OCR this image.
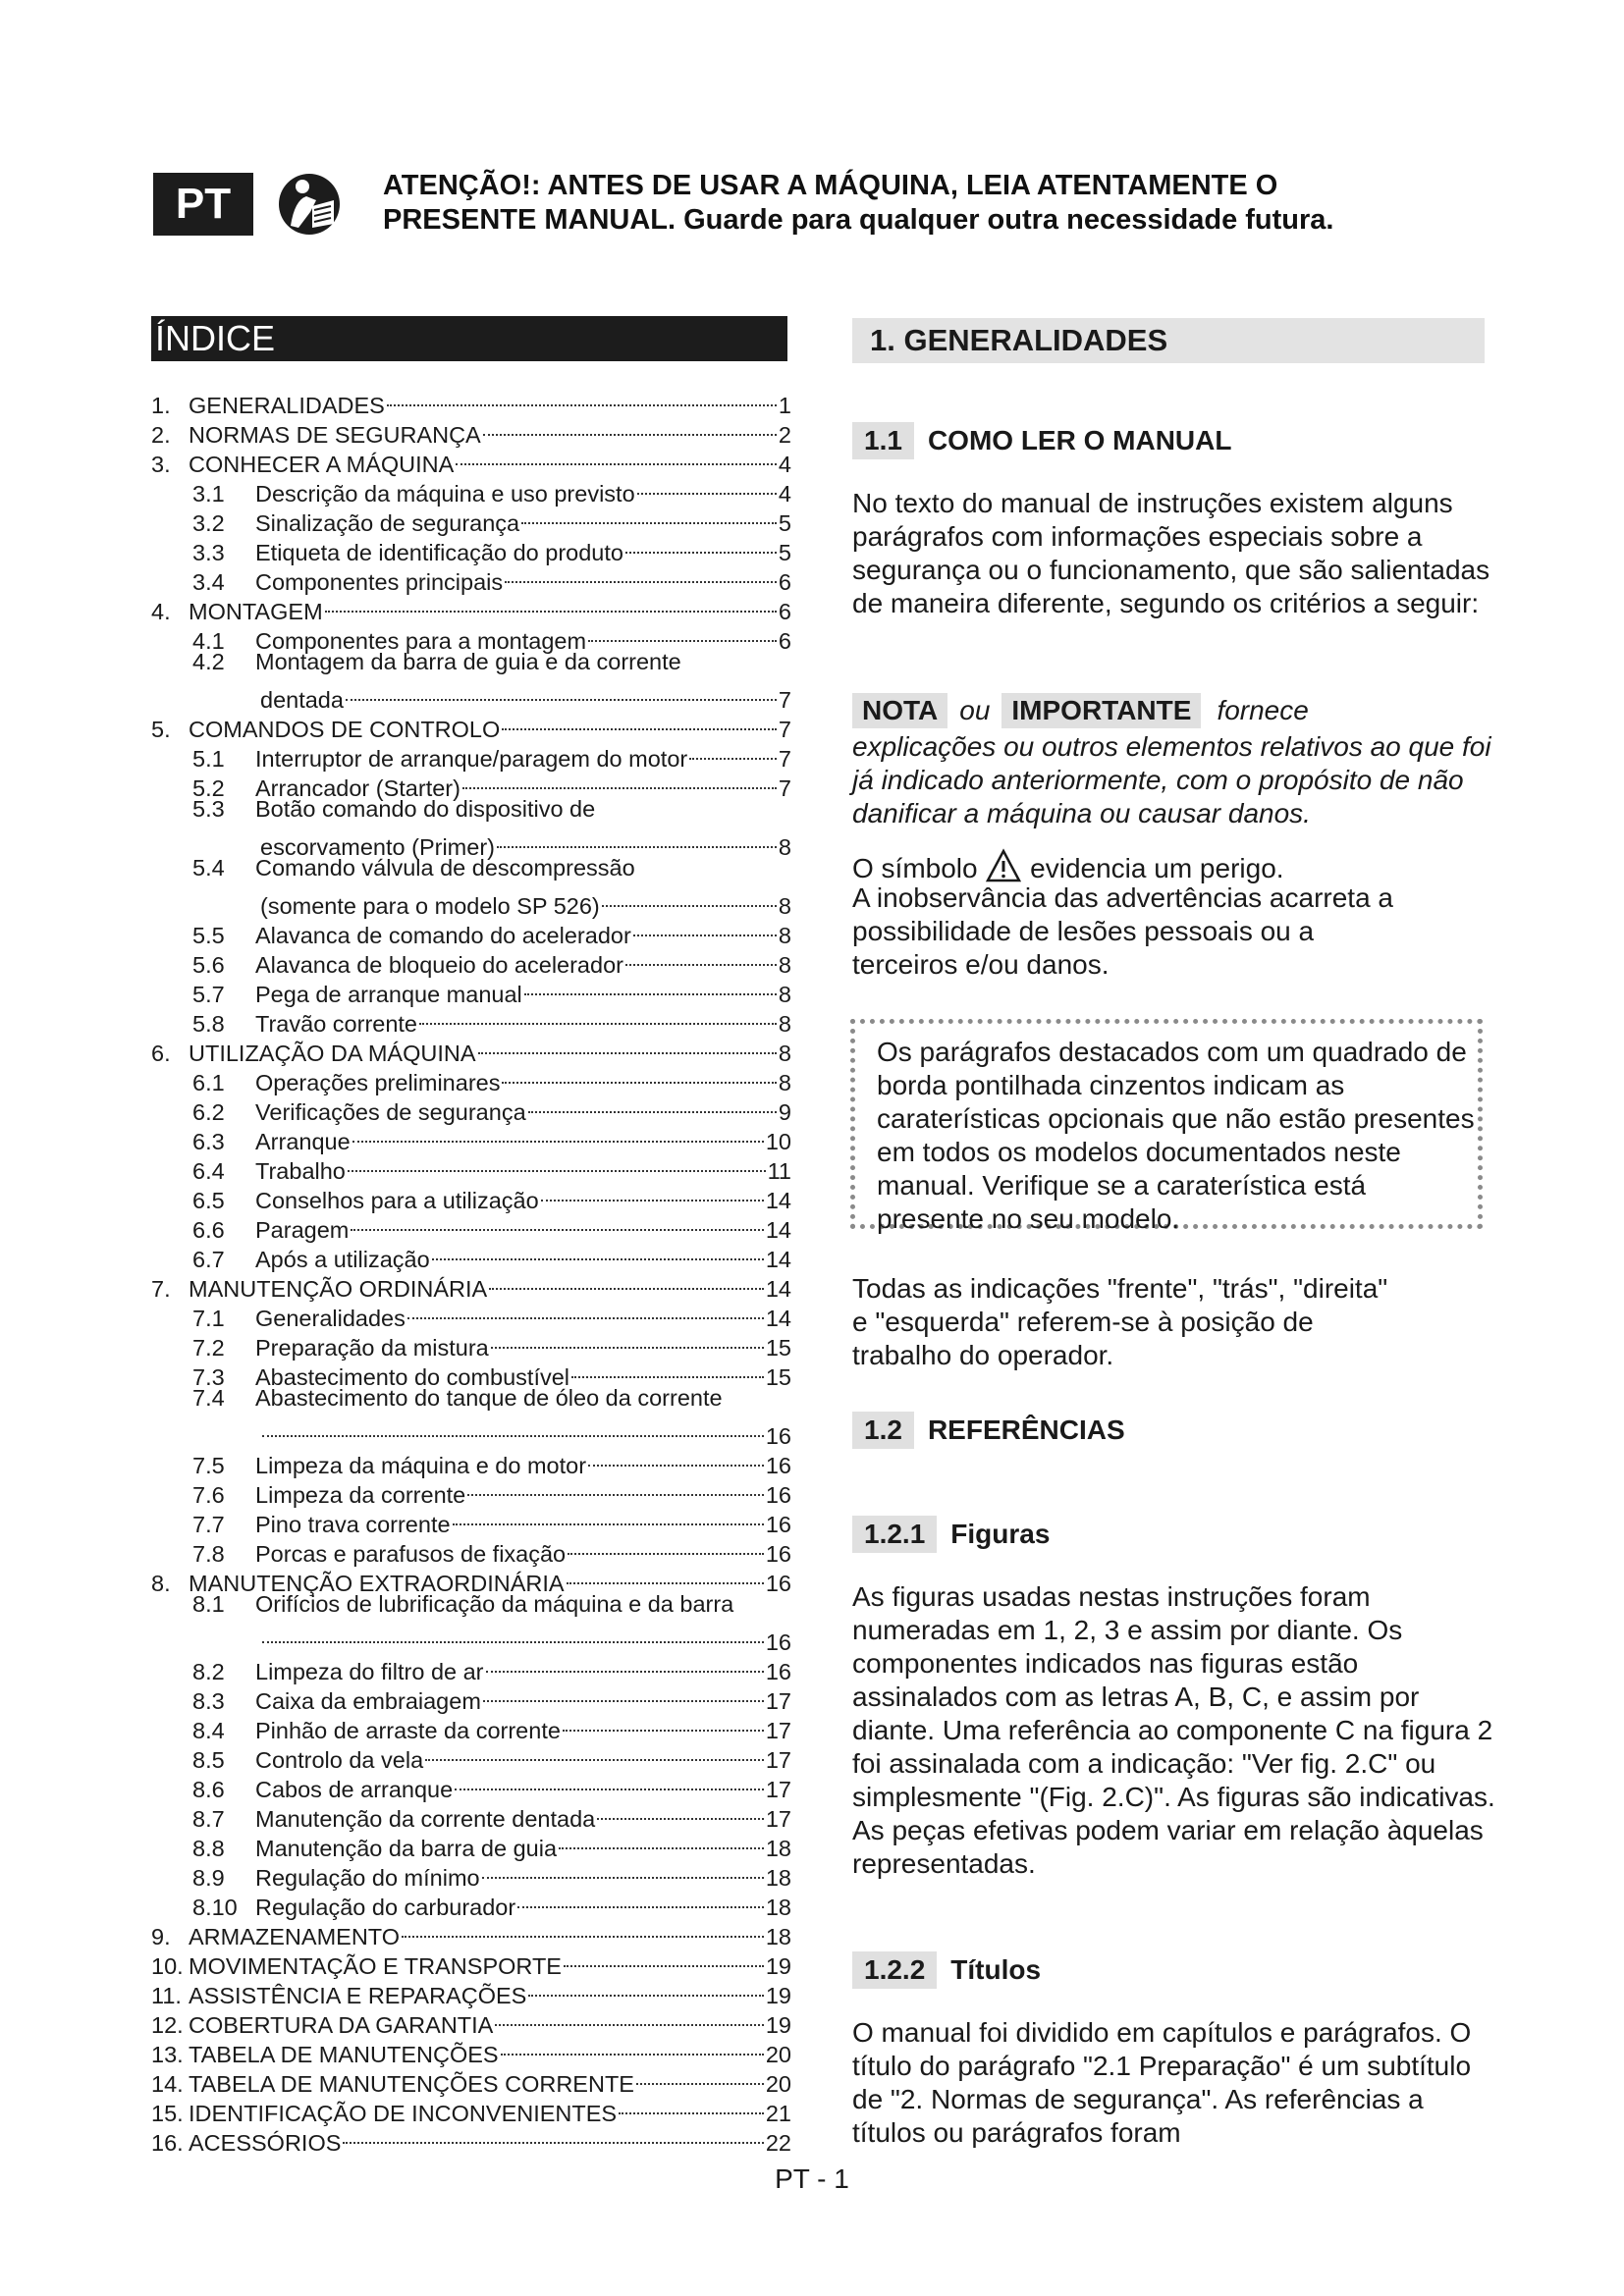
PT	ATENÇÃO!: ANTES DE USAR A MÁQUINA, LEIA ATENTAMENTE O
PRESENTE MANUAL. Guarde para qualquer outra necessidade futura.
ÍNDICE
1. GENERALIDADES	1
2. NORMAS DE SEGURANÇA	2
3. CONHECER A MÁQUINA	4
3.1	Descrição da máquina e uso previsto	4
3.2	Sinalização de segurança	5
3.3	Etiqueta de identificação do produto	5
3.4	Componentes principais	6
4. MONTAGEM	6
4.1	Componentes para a montagem	6
4.2	Montagem da barra de guia e da corrente
dentada	7
5. COMANDOS DE CONTROLO	7
5.1	Interruptor de arranque/paragem do motor	7
5.2	Arrancador (Starter)	7
5.3	Botão comando do dispositivo de
escorvamento (Primer)	8
5.4	Comando válvula de descompressão
(somente para o modelo SP 526)	8
5.5	Alavanca de comando do acelerador	8
5.6	Alavanca de bloqueio do acelerador	8
5.7	Pega de arranque manual	8
5.8	Travão corrente	8
6. UTILIZAÇÃO DA MÁQUINA	8
6.1	Operações preliminares	8
6.2	Verificações de segurança	9
6.3	Arranque	10
6.4	Trabalho	11
6.5	Conselhos para a utilização	14
6.6	Paragem	14
6.7	Após a utilização	14
7. MANUTENÇÃO ORDINÁRIA	14
7.1	Generalidades	14
7.2	Preparação da mistura	15
7.3	Abastecimento do combustível	15
7.4	Abastecimento do tanque de óleo da corrente
16
7.5	Limpeza da máquina e do motor	16
7.6	Limpeza da corrente	16
7.7	Pino trava corrente	16
7.8	Porcas e parafusos de fixação	16
8. MANUTENÇÃO EXTRAORDINÁRIA	16
8.1	Orifícios de lubrificação da máquina e da barra
16
8.2	Limpeza do filtro de ar	16
8.3	Caixa da embraiagem	17
8.4	Pinhão de arraste da corrente	17
8.5	Controlo da vela	17
8.6	Cabos de arranque	17
8.7	Manutenção da corrente dentada	17
8.8	Manutenção da barra de guia	18
8.9	Regulação do mínimo	18
8.10 Regulação do carburador	18
9. ARMAZENAMENTO	18
10. MOVIMENTAÇÃO E TRANSPORTE	19
11. ASSISTÊNCIA E REPARAÇÕES	19
12. COBERTURA DA GARANTIA	19
13. TABELA DE MANUTENÇÕES	20
14. TABELA DE MANUTENÇÕES CORRENTE	20
15. IDENTIFICAÇÃO DE INCONVENIENTES	21
16. ACESSÓRIOS	22
1. GENERALIDADES
1.1 COMO LER O MANUAL

No texto do manual de instruções existem alguns parágrafos com informações especiais sobre a segurança ou o funcionamento, que são salientadas de maneira diferente, segundo os critérios a seguir:

NOTA ou IMPORTANTE fornece

explicações ou outros elementos relativos ao que foi já indicado anteriormente, com o propósito de não danificar a máquina ou causar danos.

O símbolo evidencia um perigo.

A inobservância das advertências acarreta a possibilidade de lesões pessoais ou a terceiros e/ou danos.

Os parágrafos destacados com um quadrado de borda pontilhada cinzentos indicam as caraterísticas opcionais que não estão presentes em todos os modelos documentados neste manual. Verifique se a caraterística está presente no seu modelo.

Todas as indicações "frente", "trás", "direita" e "esquerda" referem-se à posição de trabalho do operador.

1.2 REFERÊNCIAS
1.2.1 Figuras

As figuras usadas nestas instruções foram numeradas em 1, 2, 3 e assim por diante. Os componentes indicados nas figuras estão assinalados com as letras A, B, C, e assim por diante. Uma referência ao componente C na figura 2 foi assinalada com a indicação: "Ver fig. 2.C" ou simplesmente "(Fig. 2.C)". As figuras são indicativas. As peças efetivas podem variar em relação àquelas representadas.

1.2.2 Títulos

O manual foi dividido em capítulos e parágrafos. O título do parágrafo "2.1 Preparação" é um subtítulo de "2. Normas de segurança". As referências a títulos ou parágrafos foram

PT - 1
